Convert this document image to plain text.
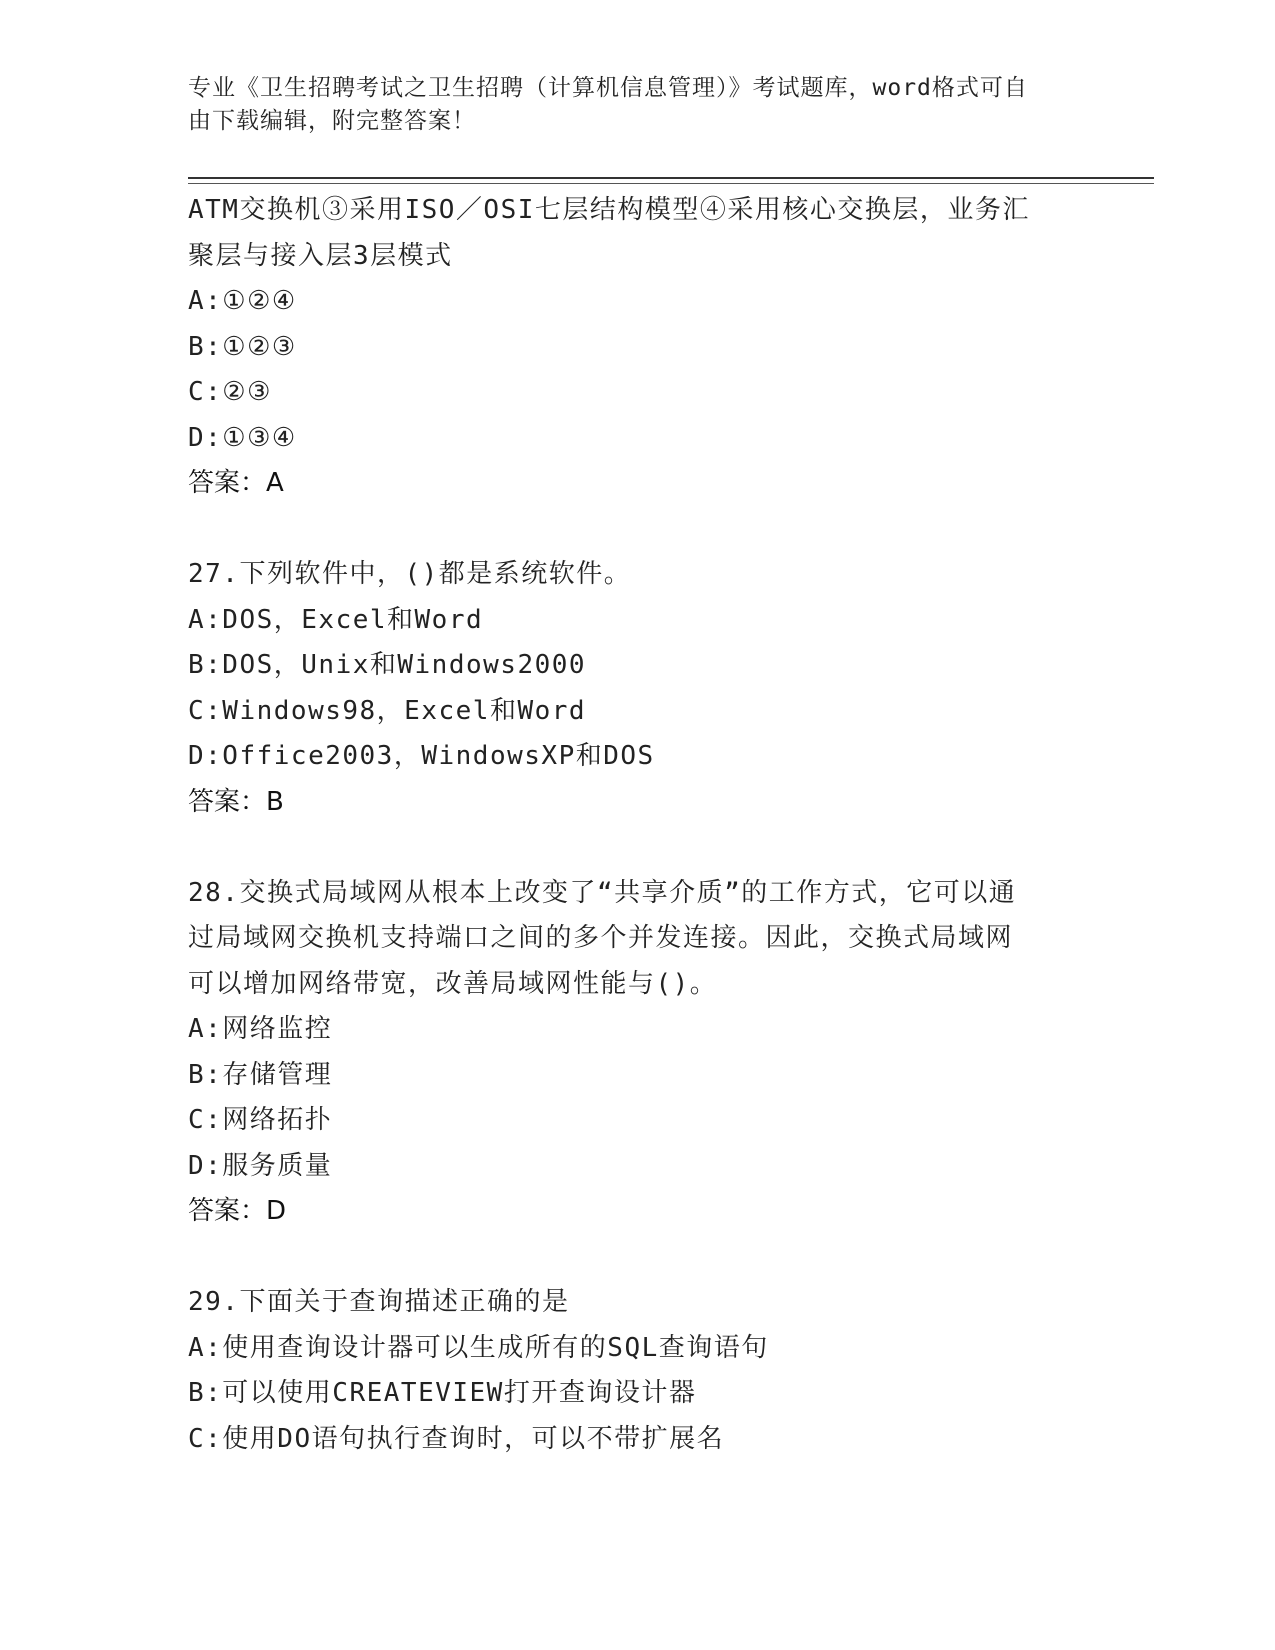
专业《卫生招聘考试之卫生招聘（计算机信息管理）》考试题库，word格式可自
由下载编辑，附完整答案！
ATM交换机③采用ISO／OSI七层结构模型④采用核心交换层，业务汇
聚层与接入层3层模式
A:①②④
B:①②③
C:②③
D:①③④
答案：A
27.下列软件中，()都是系统软件。
A:DOS，Excel和Word
B:DOS，Unix和Windows2000
C:Windows98，Excel和Word
D:Office2003，WindowsXP和DOS
答案：B
28.交换式局域网从根本上改变了“共享介质”的工作方式，它可以通
过局域网交换机支持端口之间的多个并发连接。因此，交换式局域网
可以增加网络带宽，改善局域网性能与()。
A:网络监控
B:存储管理
C:网络拓扑
D:服务质量
答案：D
29.下面关于查询描述正确的是
A:使用查询设计器可以生成所有的SQL查询语句
B:可以使用CREATEVIEW打开查询设计器
C:使用DO语句执行查询时，可以不带扩展名
